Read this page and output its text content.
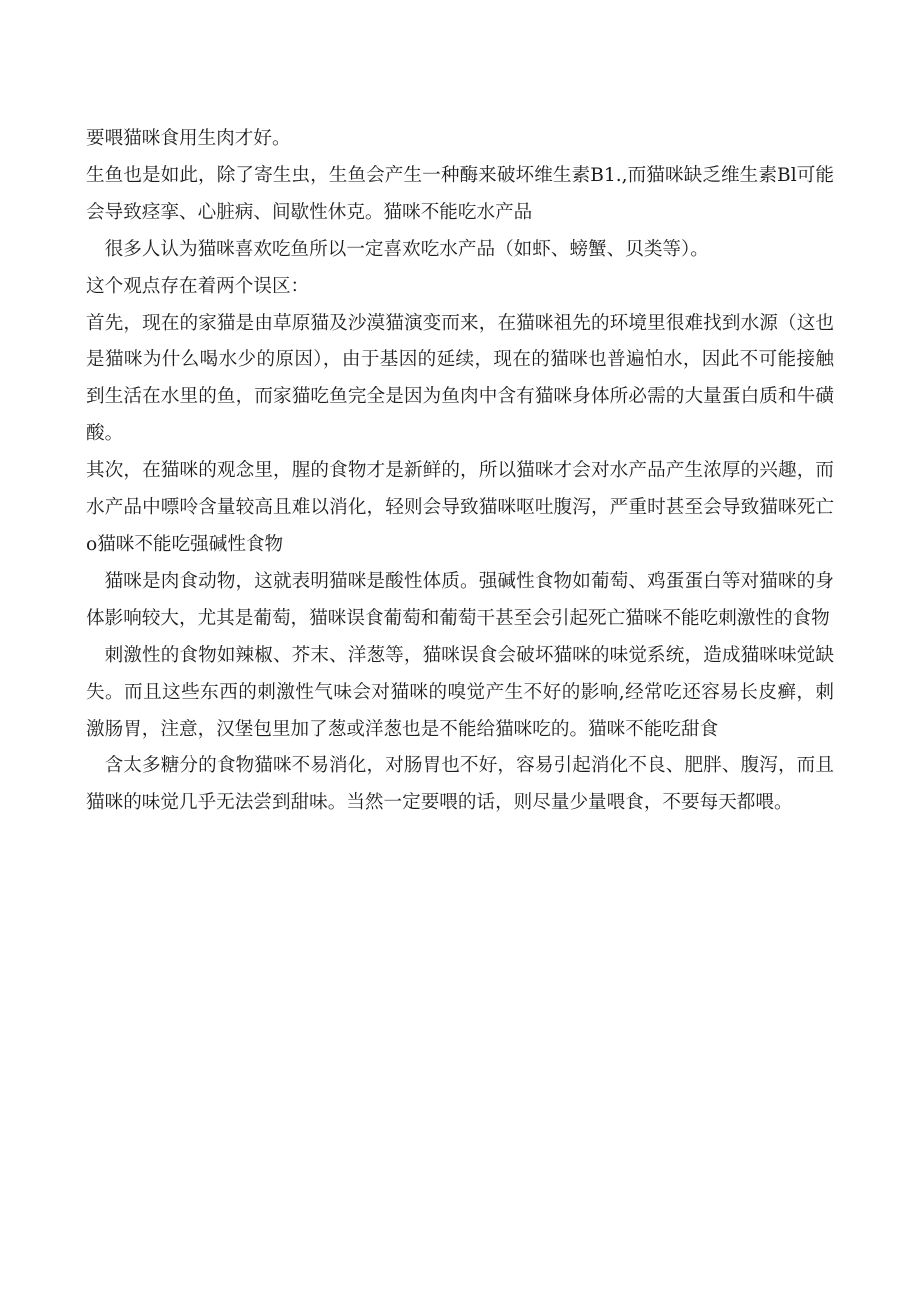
要喂猫咪食用生肉才好。

生鱼也是如此，除了寄生虫，生鱼会产生一种酶来破坏维生素B1.,而猫咪缺乏维生素Bl可能会导致痉挛、心脏病、间歇性休克。猫咪不能吃水产品

很多人认为猫咪喜欢吃鱼所以一定喜欢吃水产品（如虾、螃蟹、贝类等）。

这个观点存在着两个误区：

首先，现在的家猫是由草原猫及沙漠猫演变而来，在猫咪祖先的环境里很难找到水源（这也是猫咪为什么喝水少的原因），由于基因的延续，现在的猫咪也普遍怕水，因此不可能接触到生活在水里的鱼，而家猫吃鱼完全是因为鱼肉中含有猫咪身体所必需的大量蛋白质和牛磺酸。

其次，在猫咪的观念里，腥的食物才是新鲜的，所以猫咪才会对水产品产生浓厚的兴趣，而水产品中嘌呤含量较高且难以消化，轻则会导致猫咪呕吐腹泻，严重时甚至会导致猫咪死亡o猫咪不能吃强碱性食物

猫咪是肉食动物，这就表明猫咪是酸性体质。强碱性食物如葡萄、鸡蛋蛋白等对猫咪的身体影响较大，尤其是葡萄，猫咪误食葡萄和葡萄干甚至会引起死亡猫咪不能吃刺激性的食物

刺激性的食物如辣椒、芥末、洋葱等，猫咪误食会破坏猫咪的味觉系统，造成猫咪味觉缺失。而且这些东西的刺激性气味会对猫咪的嗅觉产生不好的影响,经常吃还容易长皮癣，刺激肠胃，注意，汉堡包里加了葱或洋葱也是不能给猫咪吃的。猫咪不能吃甜食

含太多糖分的食物猫咪不易消化，对肠胃也不好，容易引起消化不良、肥胖、腹泻，而且猫咪的味觉几乎无法尝到甜味。当然一定要喂的话，则尽量少量喂食，不要每天都喂。
